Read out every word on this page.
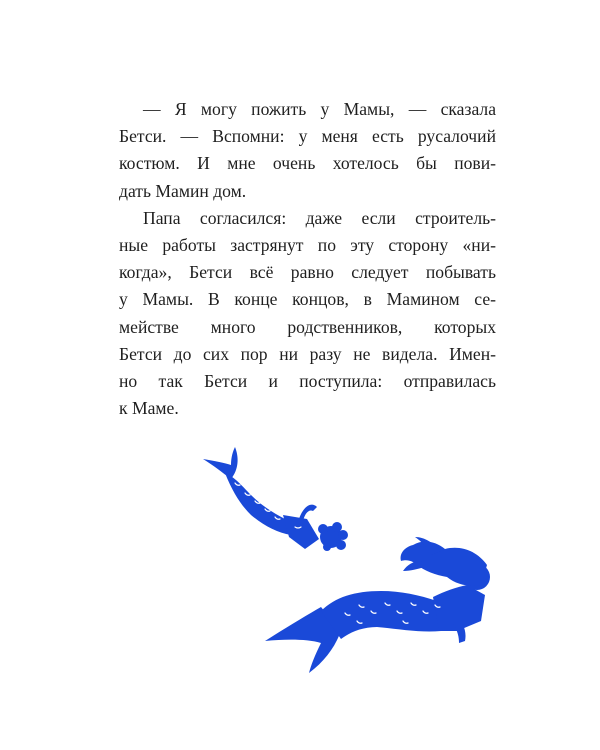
— Я могу пожить у Мамы, — сказала
Бетси. — Вспомни: у меня есть русалочий
костюм. И мне очень хотелось бы пови-
дать Мамин дом.
Папа согласился: даже если строитель-
ные работы застрянут по эту сторону «ни-
когда», Бетси всё равно следует побывать
у Мамы. В конце концов, в Мамином се-
мействе много родственников, которых
Бетси до сих пор ни разу не видела. Имен-
но так Бетси и поступила: отправилась
к Маме.
